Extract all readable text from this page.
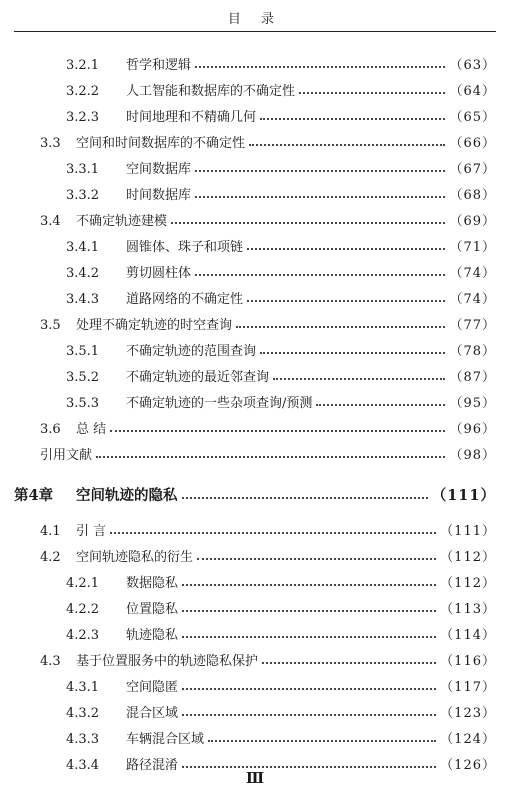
目 录
3.2.1	哲学和逻辑	（63）
3.2.2	人工智能和数据库的不确定性	（64）
3.2.3	时间地理和不精确几何	（65）
3.3	空间和时间数据库的不确定性	（66）
3.3.1	空间数据库	（67）
3.3.2	时间数据库	（68）
3.4	不确定轨迹建模	（69）
3.4.1	圆锥体、珠子和项链	（71）
3.4.2	剪切圆柱体	（74）
3.4.3	道路网络的不确定性	（74）
3.5	处理不确定轨迹的时空查询	（77）
3.5.1	不确定轨迹的范围查询	（78）
3.5.2	不确定轨迹的最近邻查询	（87）
3.5.3	不确定轨迹的一些杂项查询/预测	（95）
3.6	总 结	（96）
引用文献	（98）
第4章	空间轨迹的隐私	（111）
4.1	引 言	（111）
4.2	空间轨迹隐私的衍生	（112）
4.2.1	数据隐私	（112）
4.2.2	位置隐私	（113）
4.2.3	轨迹隐私	（114）
4.3	基于位置服务中的轨迹隐私保护	（116）
4.3.1	空间隐匿	（117）
4.3.2	混合区域	（123）
4.3.3	车辆混合区域	（124）
4.3.4	路径混淆	（126）
Ⅲ
